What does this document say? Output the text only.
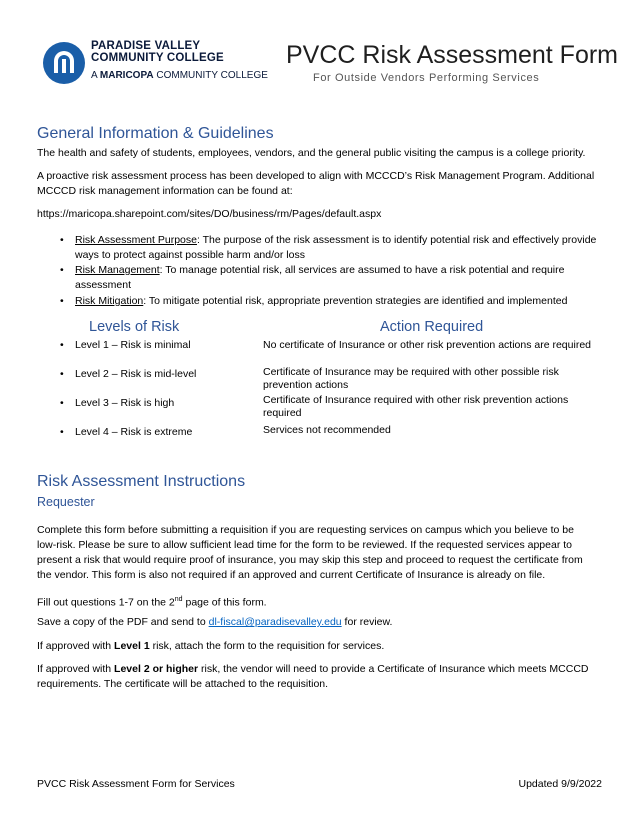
PARADISE VALLEY
COMMUNITY COLLEGE
A MARICOPA COMMUNITY COLLEGE
PVCC Risk Assessment Form
For Outside Vendors Performing Services
General Information & Guidelines
The health and safety of students, employees, vendors, and the general public visiting the campus is a college priority.
A proactive risk assessment process has been developed to align with MCCCD’s Risk Management Program. Additional
MCCCD risk management information can be found at:
https://maricopa.sharepoint.com/sites/DO/business/rm/Pages/default.aspx
• Risk Assessment Purpose: The purpose of the risk assessment is to identify potential risk and effectively provide
ways to protect against possible harm and/or loss
• Risk Management: To manage potential risk, all services are assumed to have a risk potential and require
assessment
• Risk Mitigation: To mitigate potential risk, appropriate prevention strategies are identified and implemented
Levels of Risk	Action Required
• Level 1 – Risk is minimal	No certificate of Insurance or other risk prevention actions are required
• Level 2 – Risk is mid-level	Certificate of Insurance may be required with other possible risk
prevention actions
• Level 3 – Risk is high	Certificate of Insurance required with other risk prevention actions
required
• Level 4 – Risk is extreme	Services not recommended
Risk Assessment Instructions
Requester
Complete this form before submitting a requisition if you are requesting services on campus which you believe to be
low-risk. Please be sure to allow sufficient lead time for the form to be reviewed. If the requested services appear to
present a risk that would require proof of insurance, you may skip this step and proceed to request the certificate from
the vendor. This form is also not required if an approved and current Certificate of Insurance is already on file.
Fill out questions 1-7 on the 2nd page of this form.
Save a copy of the PDF and send to dl-fiscal@paradisevalley.edu for review.
If approved with Level 1 risk, attach the form to the requisition for services.
If approved with Level 2 or higher risk, the vendor will need to provide a Certificate of Insurance which meets MCCCD
requirements. The certificate will be attached to the requisition.
PVCC Risk Assessment Form for Services	Updated 9/9/2022
